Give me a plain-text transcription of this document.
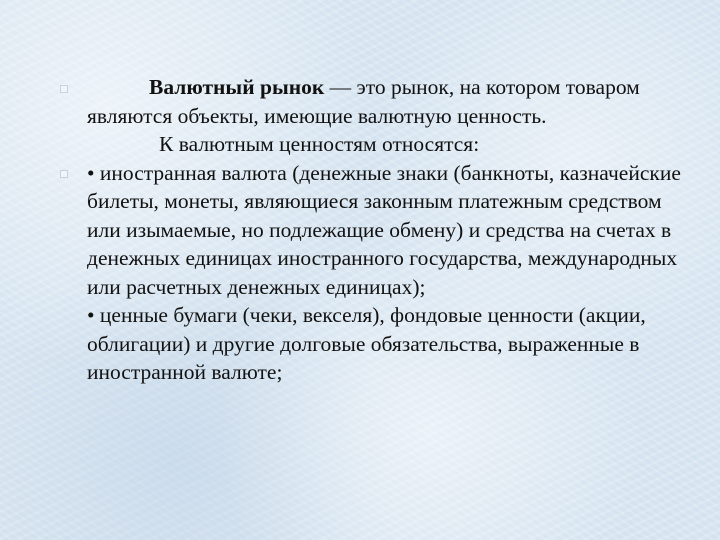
Валютный рынок — это рынок, на котором товаром являются объекты, имеющие валютную ценность.

К валютным ценностям относятся:

• иностранная валюта (денежные знаки (банкноты, казначейские билеты, монеты, являющиеся законным платежным средством или изымаемые, но подлежащие обмену) и средства на счетах в денежных единицах иностранного государства, международных или расчетных денежных единицах);

• ценные бумаги (чеки, векселя), фондовые ценности (акции, облигации) и другие долговые обязательства, выраженные в иностранной валюте;
